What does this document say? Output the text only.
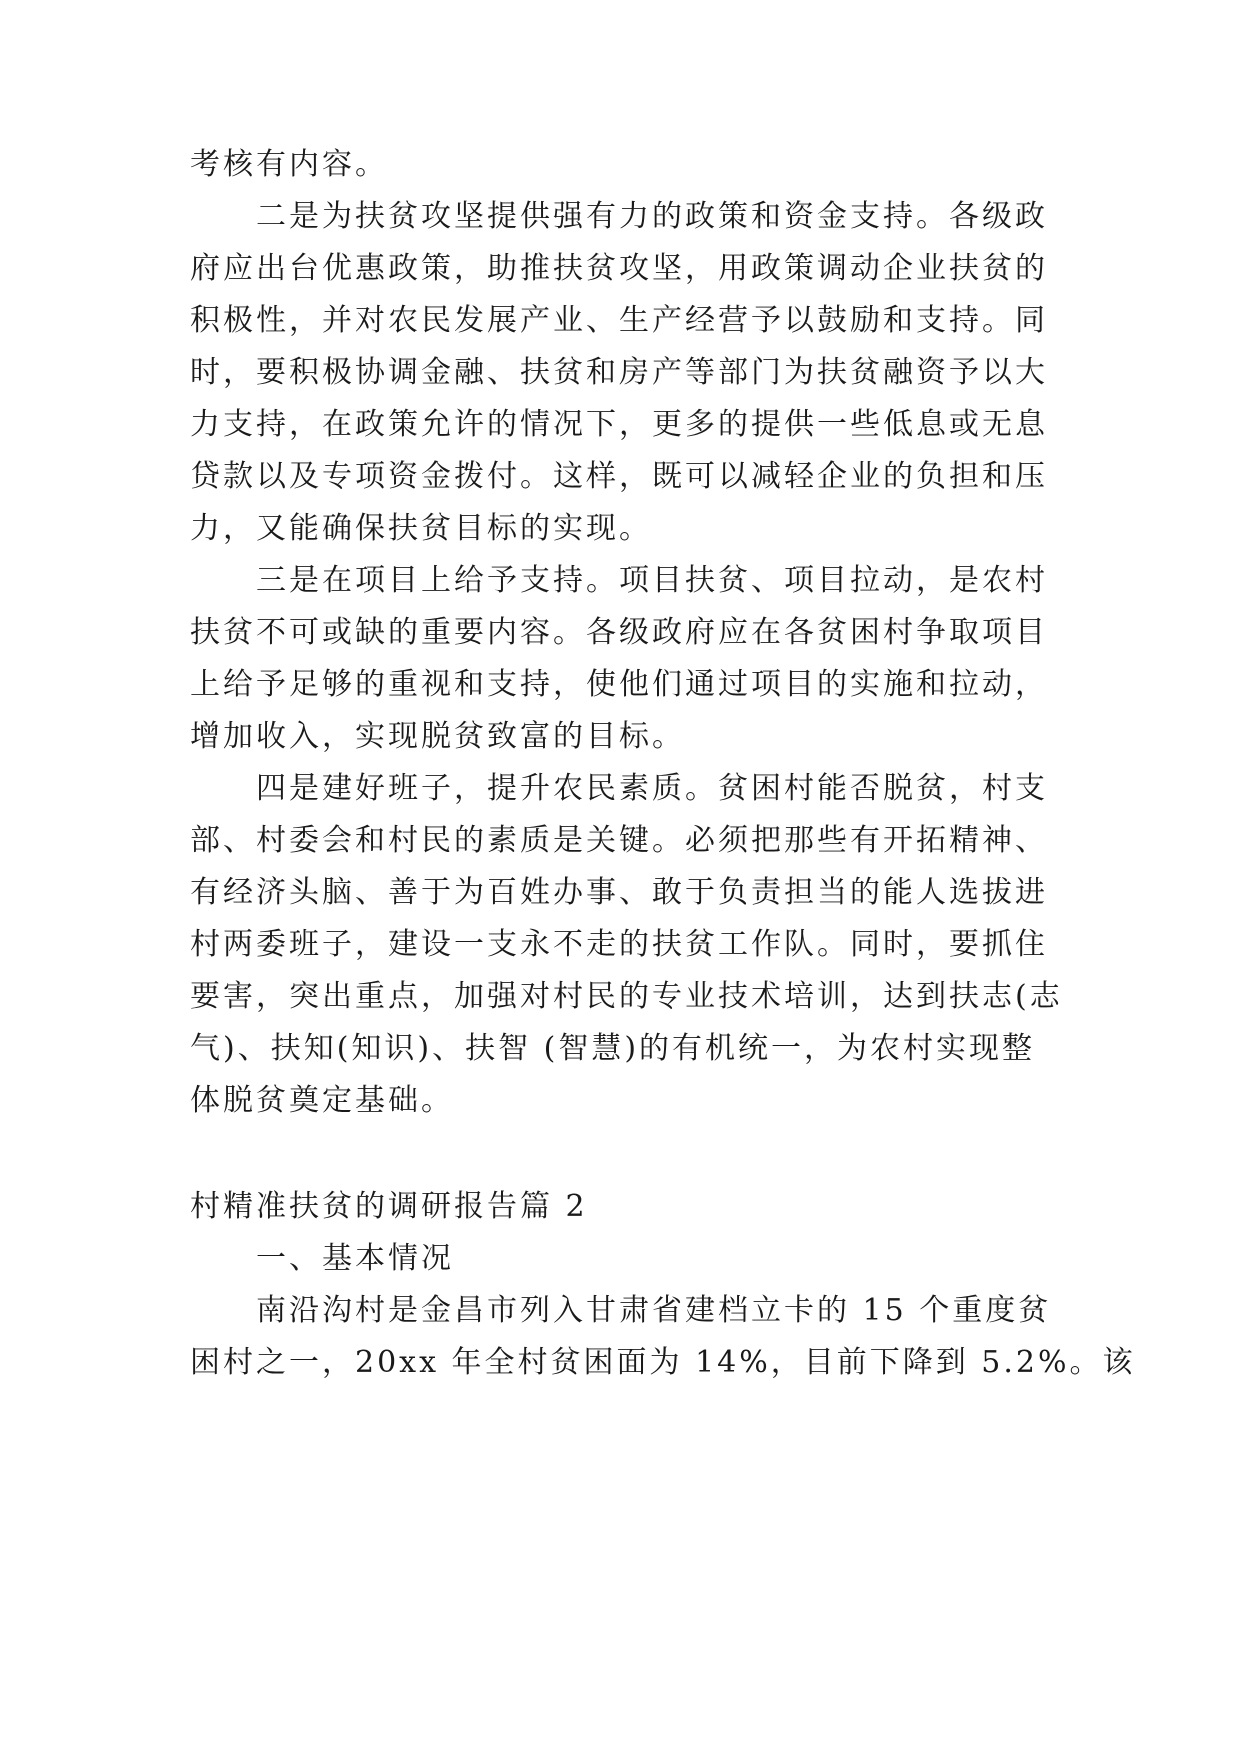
考核有内容。
二是为扶贫攻坚提供强有力的政策和资金支持。各级政
府应出台优惠政策，助推扶贫攻坚，用政策调动企业扶贫的
积极性，并对农民发展产业、生产经营予以鼓励和支持。同
时，要积极协调金融、扶贫和房产等部门为扶贫融资予以大
力支持，在政策允许的情况下，更多的提供一些低息或无息
贷款以及专项资金拨付。这样，既可以减轻企业的负担和压
力，又能确保扶贫目标的实现。
三是在项目上给予支持。项目扶贫、项目拉动，是农村
扶贫不可或缺的重要内容。各级政府应在各贫困村争取项目
上给予足够的重视和支持，使他们通过项目的实施和拉动，
增加收入，实现脱贫致富的目标。
四是建好班子，提升农民素质。贫困村能否脱贫，村支
部、村委会和村民的素质是关键。必须把那些有开拓精神、
有经济头脑、善于为百姓办事、敢于负责担当的能人选拔进
村两委班子，建设一支永不走的扶贫工作队。同时，要抓住
要害，突出重点，加强对村民的专业技术培训，达到扶志(志
气)、扶知(知识)、扶智 (智慧)的有机统一，为农村实现整
体脱贫奠定基础。
村精准扶贫的调研报告篇 2
一、基本情况
南沿沟村是金昌市列入甘肃省建档立卡的 15 个重度贫
困村之一，20xx 年全村贫困面为 14%，目前下降到 5.2%。该
